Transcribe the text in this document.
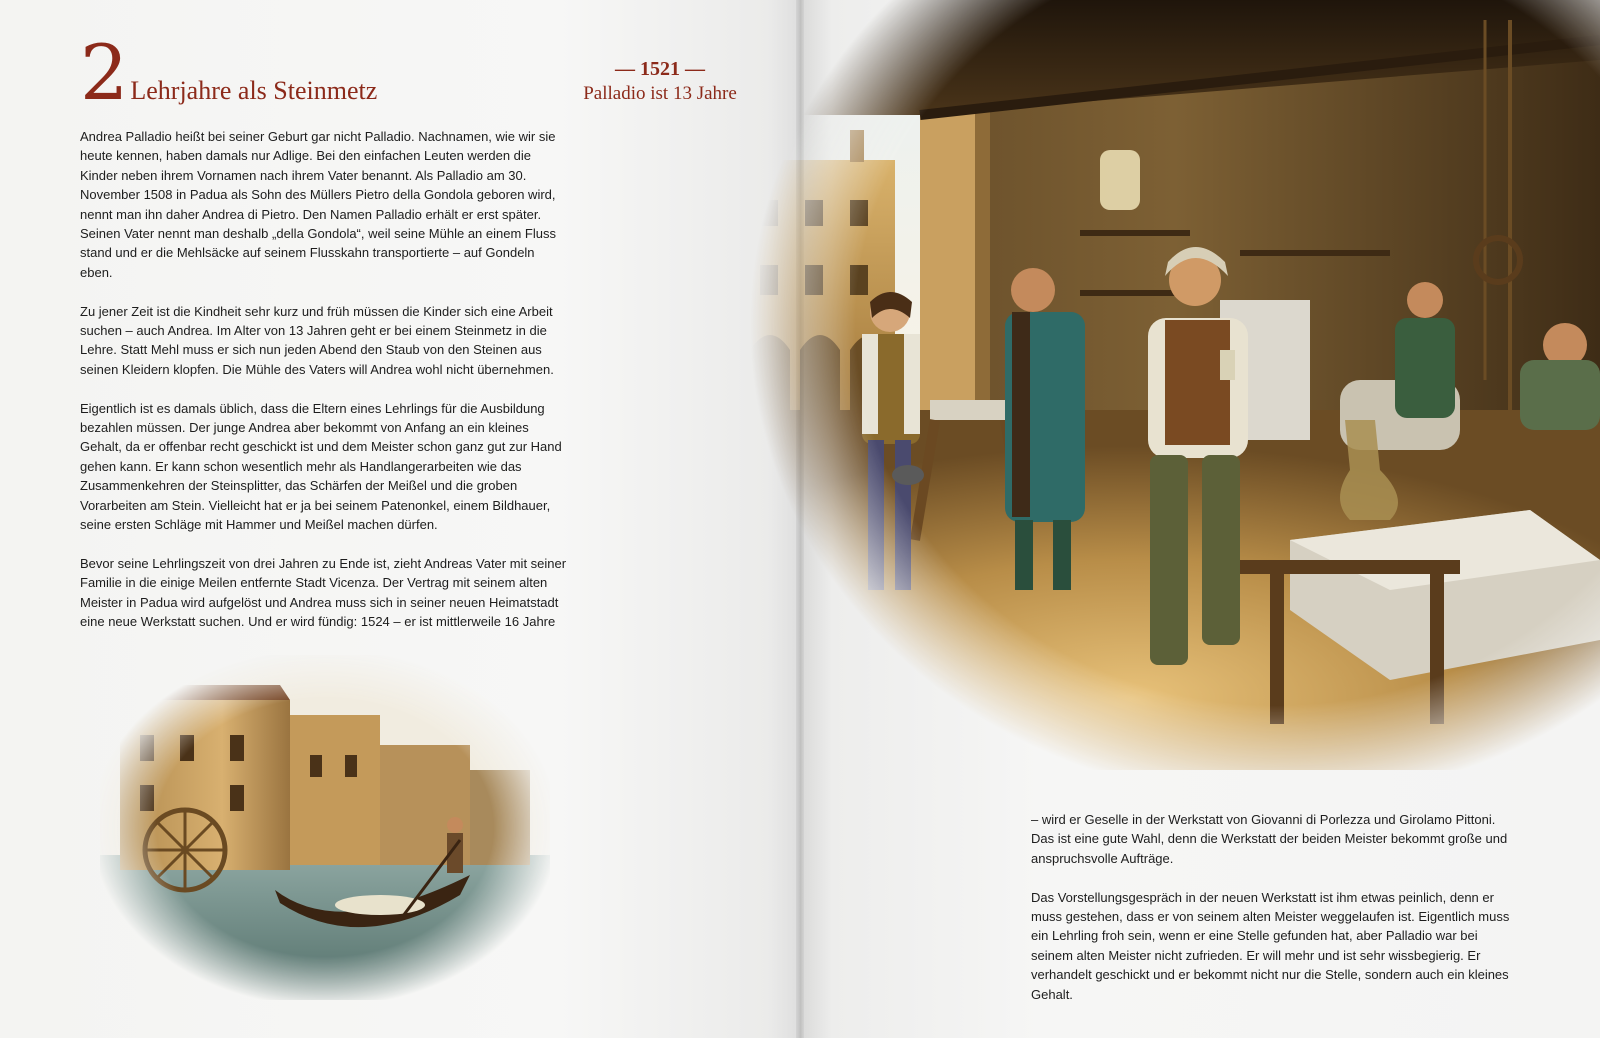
2 Lehrjahre als Steinmetz
— 1521 —
Palladio ist 13 Jahre

Andrea Palladio heißt bei seiner Geburt gar nicht Palladio. Nachnamen, wie wir sie heute kennen, haben damals nur Adlige. Bei den einfachen Leuten werden die Kinder neben ihrem Vornamen nach ihrem Vater benannt. Als Palladio am 30. November 1508 in Padua als Sohn des Müllers Pietro della Gondola geboren wird, nennt man ihn daher Andrea di Pietro. Den Namen Palladio erhält er erst später. Seinen Vater nennt man deshalb „della Gondola“, weil seine Mühle an einem Fluss stand und er die Mehlsäcke auf seinem Flusskahn transportierte – auf Gondeln eben.

Zu jener Zeit ist die Kindheit sehr kurz und früh müssen die Kinder sich eine Arbeit suchen – auch Andrea. Im Alter von 13 Jahren geht er bei einem Steinmetz in die Lehre. Statt Mehl muss er sich nun jeden Abend den Staub von den Steinen aus seinen Kleidern klopfen. Die Mühle des Vaters will Andrea wohl nicht übernehmen.

Eigentlich ist es damals üblich, dass die Eltern eines Lehrlings für die Ausbildung bezahlen müssen. Der junge Andrea aber bekommt von Anfang an ein kleines Gehalt, da er offenbar recht geschickt ist und dem Meister schon ganz gut zur Hand gehen kann. Er kann schon wesentlich mehr als Handlangerarbeiten wie das Zusammenkehren der Steinsplitter, das Schärfen der Meißel und die groben Vorarbeiten am Stein. Vielleicht hat er ja bei seinem Patenonkel, einem Bildhauer, seine ersten Schläge mit Hammer und Meißel machen dürfen.

Bevor seine Lehrlingszeit von drei Jahren zu Ende ist, zieht Andreas Vater mit seiner Familie in die einige Meilen entfernte Stadt Vicenza. Der Vertrag mit seinem alten Meister in Padua wird aufgelöst und Andrea muss sich in seiner neuen Heimatstadt eine neue Werkstatt suchen. Und er wird fündig: 1524 – er ist mittlerweile 16 Jahre

– wird er Geselle in der Werkstatt von Giovanni di Porlezza und Girolamo Pittoni. Das ist eine gute Wahl, denn die Werkstatt der beiden Meister bekommt große und anspruchsvolle Aufträge.

Das Vorstellungsgespräch in der neuen Werkstatt ist ihm etwas peinlich, denn er muss gestehen, dass er von seinem alten Meister weggelaufen ist. Eigentlich muss ein Lehrling froh sein, wenn er eine Stelle gefunden hat, aber Palladio war bei seinem alten Meister nicht zufrieden. Er will mehr und ist sehr wissbegierig. Er verhandelt geschickt und er bekommt nicht nur die Stelle, sondern auch ein kleines Gehalt.
